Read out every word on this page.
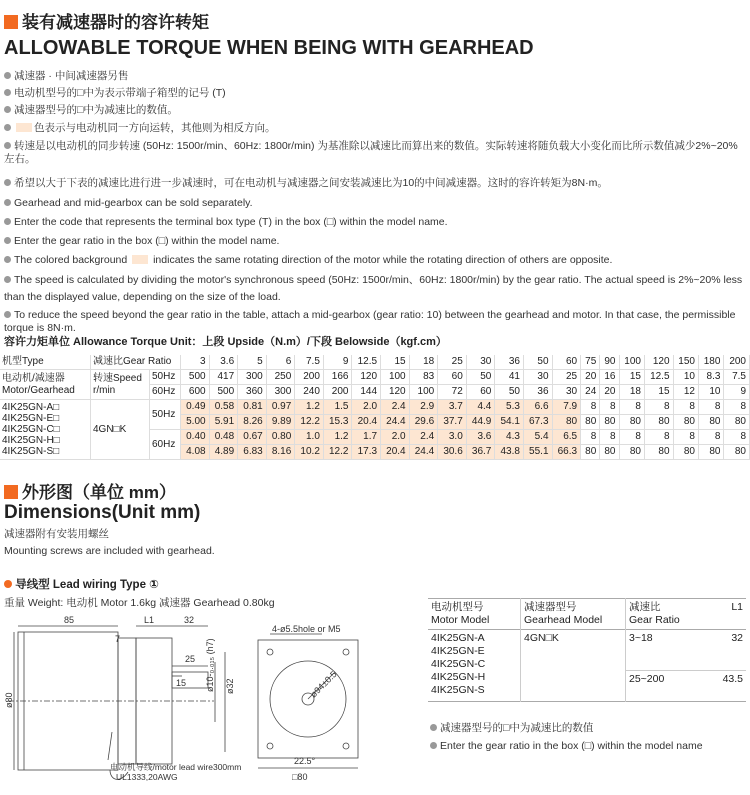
装有减速器时的容许转矩
ALLOWABLE TORQUE WHEN BEING WITH GEARHEAD
减速器 · 中间减速器另售
电动机型号的□中为表示带端子箱型的记号 (T)
减速器型号的□中为减速比的数值。
色表示与电动机同一方向运转，其他则为相反方向。
转速是以电动机的同步转速 (50Hz: 1500r/min、60Hz: 1800r/min) 为基准除以减速比而算出来的数值。实际转速将随负载大小变化而比所示数值减少2%~20%左右。
希望以大于下表的减速比进行进一步减速时，可在电动机与减速器之间安装减速比为10的中间减速器。这时的容许转矩为8N·m。
Gearhead and mid-gearbox can be sold separately.
Enter the code that represents the terminal box type (T) in the box (□) within the model name.
Enter the gear ratio in the box (□) within the model name.
The colored background indicates the same rotating direction of the motor while the rotating direction of others are opposite.
The speed is calculated by dividing the motor's synchronous speed (50Hz: 1500r/min、60Hz: 1800r/min) by the gear ratio. The actual speed is 2%~20% less than the displayed value, depending on the size of the load.
To reduce the speed beyond the gear ratio in the table, attach a mid-gearbox (gear ratio: 10) between the gearhead and motor. In that case, the permissible torque is 8N·m.
容许力矩单位 Allowance Torque Unit：上段 Upside（N.m）/下段 Belowside（kgf.cm）
机型Type	减速比Gear Ratio		3	3.6	5	6	7.5	9	12.5	15	18	25	30	36	50	60	75	90	100	120	150	180	200
电动机/减速器
Motor/Gearhead	转速Speed
r/min	50Hz	500	417	300	250	200	166	120	100	83	60	50	41	30	25	20	16	15	12.5	10	8.3	7.5
		60Hz	600	500	360	300	240	200	144	120	100	72	60	50	36	30	24	20	18	15	12	10	9
4IK25GN-A□
4IK25GN-E□
4IK25GN-C□
4IK25GN-H□
4IK25GN-S□	4GN□K	50Hz	0.49	0.58	0.81	0.97	1.2	1.5	2.0	2.4	2.9	3.7	4.4	5.3	6.6	7.9	8	8	8	8	8	8	8
			5.00	5.91	8.26	9.89	12.2	15.3	20.4	24.4	29.6	37.7	44.9	54.1	67.3	80	80	80	80	80	80	80	80
		60Hz	0.40	0.48	0.67	0.80	1.0	1.2	1.7	2.0	2.4	3.0	3.6	4.3	5.4	6.5	8	8	8	8	8	8	8
			4.08	4.89	6.83	8.16	10.2	12.2	17.3	20.4	24.4	30.6	36.7	43.8	55.1	66.3	80	80	80	80	80	80	80
外形图（单位 mm）
Dimensions(Unit mm)
减速器附有安装用螺丝
Mounting screws are included with gearhead.
导线型 Lead wiring Type ①
重量 Weight: 电动机 Motor 1.6kg 减速器 Gearhead 0.80kg
85	L1	32
7
25
15 ø10-₀.₀₁₅ (h7) ø32
ø80
4-ø5.5hole or M5
ø94±0.5
22.5°
□80
电动机导线/motor lead wire300mm
UL1333,20AWG
电动机型号
Motor Model	减速器型号
Gearhead Model	减速比
Gear Ratio	L1
4IK25GN-A
4IK25GN-E
4IK25GN-C
4IK25GN-H
4IK25GN-S	4GN□K	3~18	32
		25~200	43.5
减速器型号的□中为减速比的数值
Enter the gear ratio in the box (□) within the model name
